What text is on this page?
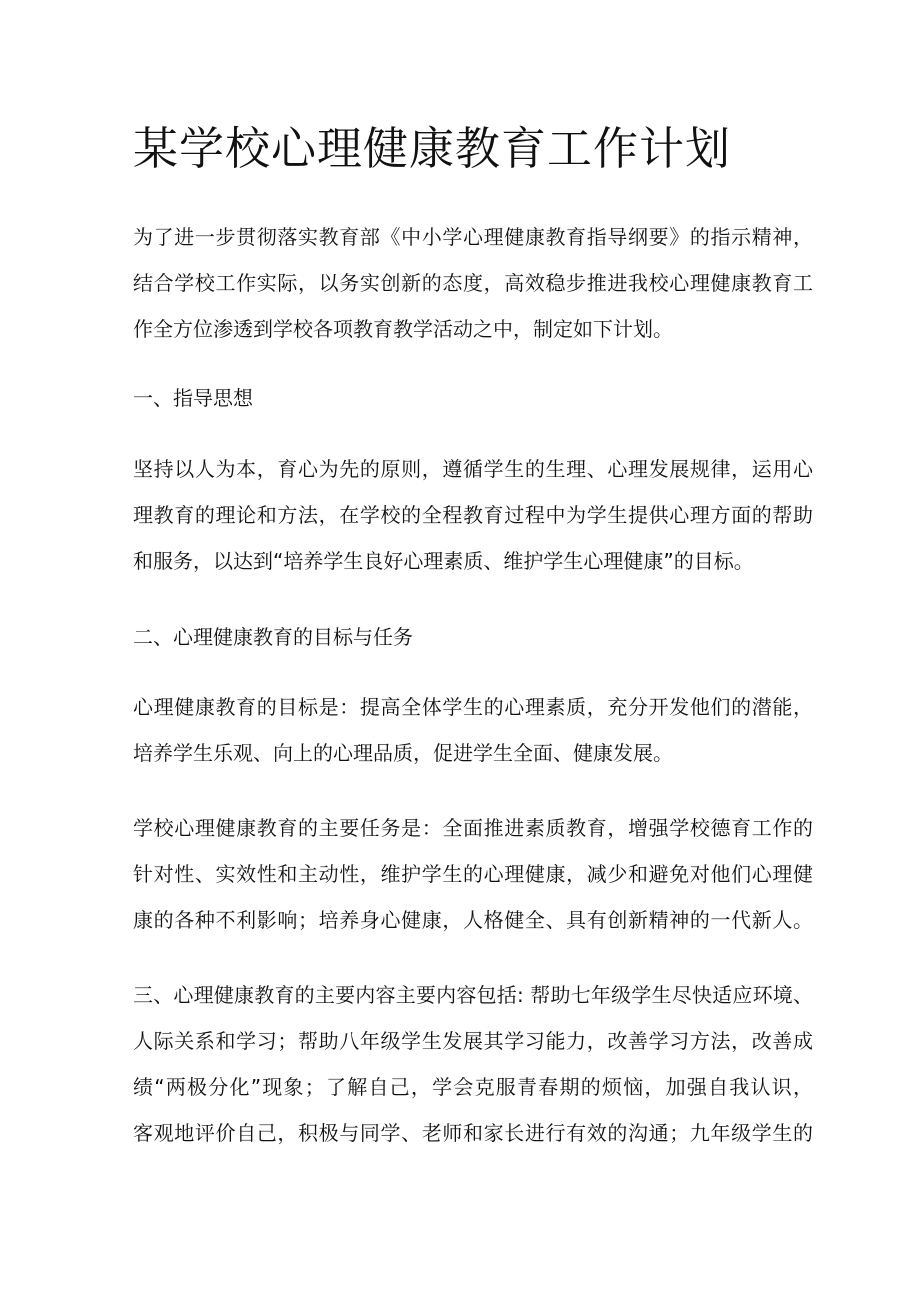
某学校心理健康教育工作计划
为了进一步贯彻落实教育部《中小学心理健康教育指导纲要》的指示精神，
结合学校工作实际，以务实创新的态度，高效稳步推进我校心理健康教育工
作全方位渗透到学校各项教育教学活动之中，制定如下计划。
一、指导思想
坚持以人为本，育心为先的原则，遵循学生的生理、心理发展规律，运用心
理教育的理论和方法，在学校的全程教育过程中为学生提供心理方面的帮助
和服务，以达到“培养学生良好心理素质、维护学生心理健康”的目标。
二、心理健康教育的目标与任务
心理健康教育的目标是：提高全体学生的心理素质，充分开发他们的潜能，
培养学生乐观、向上的心理品质，促进学生全面、健康发展。
学校心理健康教育的主要任务是：全面推进素质教育，增强学校德育工作的
针对性、实效性和主动性，维护学生的心理健康，减少和避免对他们心理健
康的各种不利影响；培养身心健康，人格健全、具有创新精神的一代新人。
三、心理健康教育的主要内容主要内容包括: 帮助七年级学生尽快适应环境、
人际关系和学习；帮助八年级学生发展其学习能力，改善学习方法，改善成
绩“两极分化”现象；了解自己，学会克服青春期的烦恼，加强自我认识，
客观地评价自己，积极与同学、老师和家长进行有效的沟通；九年级学生的
